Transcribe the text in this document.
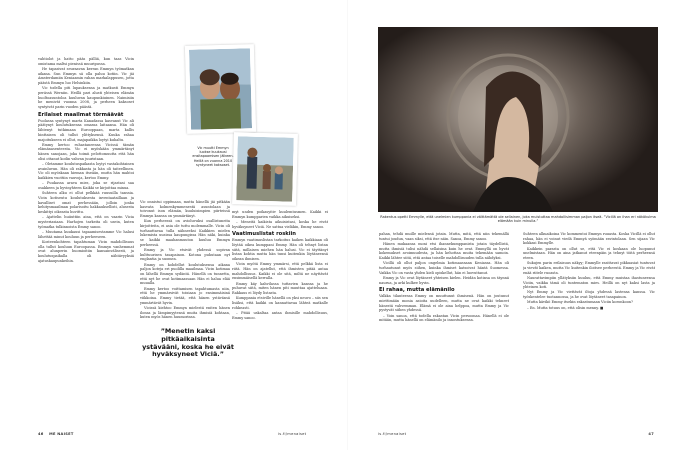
vahtiolot ja hatto pääs pälliä, kun taas Vicin omistama maltsi pienissä muuripussa.

He tapasivat seuraavan kerran Emmyn työmatkan aikana. Sun Emmyn sä olla paluu kotiin. Vic jäi Amsterdamiin Keniaamin rahan markalappusen, jotta päästä Emmyn luo Helsinkiin.

Vic todella piti lupauksensa ja matkusti Emmyn perässä Werniin. Heillä pari alusti yhteisen elämän huoltoasuntoloa kuuluvan kaupunkiuinen. Naimisiin he menivät vuonna 2008, ja perheen kaksoset syntyivät parin vuoden päästä.

Erilaiset maailmat törmäävät

Puolassa syntynyt marta Kanadassa kasvanut Vic ali päätynyt koulutuksensa omassa laitaansa. Hän oli lähtenyt tutkimaan Eurooppaan, marta kallis hinttaisen oli tullut ylittyksensä. Kuuka rahaa majoitukseen ei ollut, majapaikka loytyi kuhaltu.

Emmy kertoo ruhastaneensa Vicissä tämän elämänasenteesta. Vic ei myöskään ymmärtänyt hänen sanojaan, joka toimii pelottomuutta että hän olisi ottanut kodin vahvan juuristaan.

– Oletamme koulutuspaikasta loytyi vastakohtainen avainluvun. Hän oli rakkasta ja hän oli taiteellinen. Vic oli myöskaan hieman itseään, mutta hän mahtoi kaikkien vuottiin vauvoja, kertoo Emmy.

– Puukassa arava mies, joka se rijastasi saa osakkeen ja hyvinyhteen Kaikki se kirjoittaa minua.

Suhteen alku ei ollut pelkkää ruusuilla tanssia. Vicin kotiseutu koulutuksesta inventaataillaan ja kavalliset omat perhessään, jolloin jonka kehitysmaailman polarisoitu hakkauksellisti, alusesta keskittyi oikeasta huvittu.

– Ajattelin huiiuttiin aina, että on vaarin Vicia mysteriasiaan. Harhojen tarkeita oli usein, kuten työmatka tulkinnoista Emmy sanoo.

– Muutama kuukausi tapaamisestamme Vic halusi lähettää minut kouluun ja perheeseen.

Kosteenkohteen tapahtuman Vicin mahdollisuus olla tullut kouluun Euroopassa. Emmyn vanhemmat ovat alunperin huomioitiin kansainvälisesti, ja koulutuspaikalla oli nähtävyyksiä ajatuskaupunkeihin.

Vic muutti Emmyn luokse kuukausi ensitapaamisen jälkeen. Heillä on vuonna 2010 syntyneet kaksoset.

Vic onnistui oppimaan, mutta hänellä jäi pitkään kasvata kolmenkymmenestä asuntolaan ja toivonut ison elämän, kuuluisimpien piirteissä Emmyn kanssa on ymmärtänyt.

Kun perheessä on avioluvuksi osallistuneita kirjoitteita, ei asia ole tuttu molemmalle. Vicin oli turhauttavaa tulla nähneeksi Kaikkien mielen lukemista uusissa kaupungissa Hän näki, kuinka se kaikki maahanmuuton kuuluu Emmyn perheessä.

Emmy ja Vic etsivät yhdessä sopivan kulttuurisen tasapainon. Kotona puhutaan nyt englantia ja suomea.

Emmy on kohdellut koulutuksensa aikana paljon koteja eri puolilla maailmaa. Vicin kotimaa on lähellä Emmyn sydäntä. Hänellä on tunnetta, että nyt he ovat kotimaassaan Hän ei halua elää muualla.

Emmy kertoo voittamisen tapahtumasta niin, että he ymmärsivät toisiaan jo ensimmäisinä viikkoina. Emmy tietää, että hänen ystävänsä ymmärtävät hyvin.

Vicissä kiehtoo Emmyn mielestä eniten hänen ilonsa ja lämpimyytensä muita ihmisiä kohtaan, kuten myös hänen huumorinsa.

”Menetin kaksi pitkäaikaisinta ystävääni, koska he eivät hyväksyneet Viciä.”

myt unden poikasyitiv kuulemtusmen. Kaikki ei Emmyn kumpparien vaikka aikuiseksi.

– Meneitä kaikista aikuisistasi, koska he eivät hyväksyneet Viciä. Ne sattua vieläkin, Emmy sanoo.

Vaatimuslistat roskiin

Emmyn vaatimuslistan tarkoitus kaiken kaikkiaan oli löytää oikea kumppani Emmy. Hän oli tehnyt listan siitä, millaisen miehen hän halusi. Vic ei täyttänyt listan kohtia mutta hän tunsi kuitenkin löytäneensä oikean ihmisen.

Vicin myötä Emmy ymmärsi, että pelkkä lista ei riitä. Hän on ajatellut, että ihmisten pitää antaa mahdollisuus. Kaikki ei ole sitä, miltä ne näyttävät ensimmäisellä kerralla.

Emmy käy kahvilassa tuttavien kanssa ja he puhuvat siitä, miten hänen piti muuttaa ajatteluaan. Rakkaus ei löydy listasta.

Kumppania etsiville hänellä on yksi neuvo – siis sen lisäksi, että kaikki on kannattavaa lähteä matkalle rohkeasti.

– Pitää uskaltaa antaa ihmisille mahdollisuus, Emmy sanoo.

46 ME NAISET	is.fi/menaiset
Rakentus opetti Emmylle, että unelmien kumppania ei välttämättä ole sellainen, joka muistuttaa mahdollisimman paljon itseä. ”Vicillä on ihan eri näkökulma elämään kuin minulla.”

pahan, tehdä muille mielensä jotain. Mutta, mitä, että niin tekemällä tuntui joudun, vaan siksi, että itse näin. Sanoa, Emmy sanoo.

Hänen mukaansa moni etsi ihannekumppanista jotain täydellistä, mutta ihmisiä tulisi nähdä sellaisina kuin he ovat. Emmyllä on hyvät kokemukset avoimuudesta, ja hän kehottaa muita tekemään samoin. Kaikki lähtee siitä, että antaa toiselle mahdollisuuden tulla nähdyksi.

Vicillä oli ollut paljon ongelmia kotimaassaan Keniassa. Hän oli turhautunut myös siihen, kuinka ihmiset katsoivat häntä Suomessa. Vaikka Vic on vasta yhden kieli opiskellut, hän ei luovuttanut.

Emmy ja Vic ovat löytäneet yhteisen kielen. Heidän kotinsa on täynnä naurua, ja arki kulkee hyvin.

Ei rahaa, mutta elämänilo

Valkka tilanteessa Emmy on muuttunut ihmisenä. Hän on joutunut miettimään monia asioita uudelleen, mutta ne ovat kaikki tehneet hänestä vahvemman. Elämä ei ole aina helppoa, mutta Emmy ja Vic pystyvät siihen yhdessä.

– Voin sanoa, että todella rakastan Vicin persoonaa. Hänellä ei ole mitään, mutta hänellä on elämänilo ja innostuksensa.

Suhteen alkuaikoina Vic kommentoi Emmyn ruuasta. Koska Vicillä ei ollut rahaa, hän ei voinut viedä Emmyä syömään ravintolaan. Sen sijaan Vic kokkasi Emmylle.

Kaikkein parasta on ollut se, että Vic ei koskaan ole luopunut unelmistaan. Hän on aina jatkanut eteenpäin ja tehnyt töitä perheensä eteen.

Sukujen parin erilaisuus näkyy; Emmylle rasittavat pikkuasiat tuntuvat ja vievät kaiken, mutta Vic kuitenkin iloitsee perheestä. Emmy ja Vic eivät enää riitele ruoasta.

Naurattavimpiin yllätyksiin kuuluu, että Emmy muistaa ihastuneensa Viciin, vaikka tämä oli tuntematon mies. Heillä on nyt kaksi lasta ja yhteinen koti.

Nyt Emmy ja Vic viettävät iltoja yhdessä lastensa kanssa. Vic työskentelee tuotannossa, ja he ovat löytäneet tasapainon.

Mutta kävikö Emmy itsekin rakastumaan Viciin koronkoon?

– En. Mutta totuus on, että olisin menny. ■

is.fi/menaiset	47
